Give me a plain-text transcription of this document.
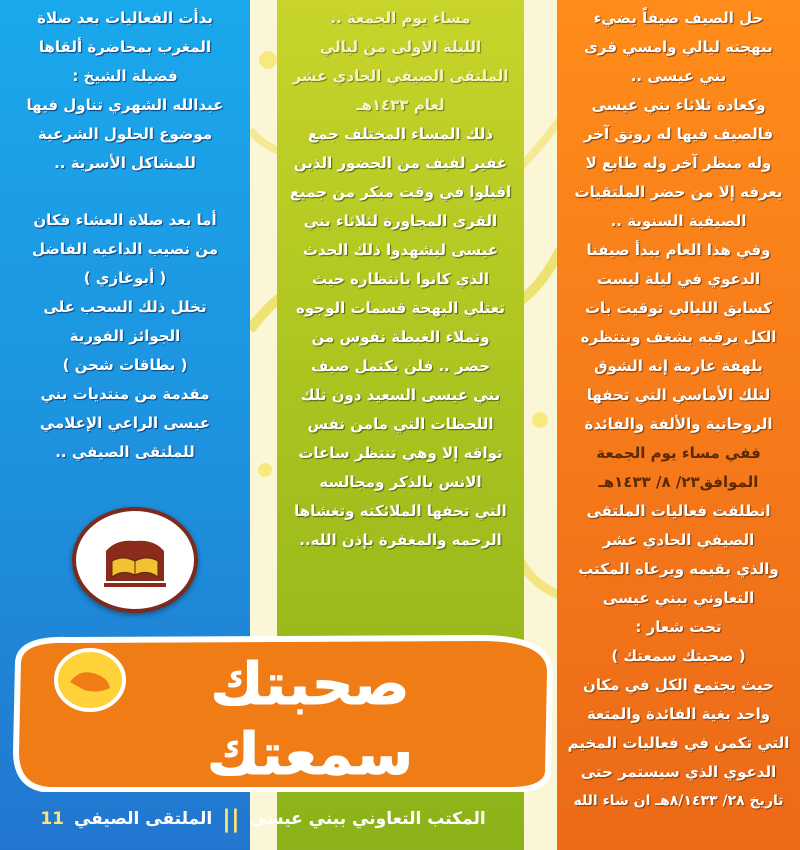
بدأت الفعاليات بعد صلاة

المغرب بمحاضرة ألقاها

فضيلة الشيخ :

عبدالله الشهري تناول فيها

موضوع الحلول الشرعية

للمشاكل الأسرية ..

أما بعد صلاة العشاء فكان

من نصيب الداعيه الفاضل

( أبوغازي )

تخلل ذلك السحب على

الجوائز الفورية

( بطاقات شحن )

مقدمة من منتديات بني

عيسى الراعي الإعلامي

للملتقى الصيفي ..

مساء يوم الجمعة ..

الليلة الاولى من ليالي

الملتقى الصيفي الحادي عشر

لعام ١٤٣٣هـ

ذلك المساء المختلف جمع

غفير لفيف من الحضور الذين

اقبلوا في وقت مبكر من جميع

القرى المجاورة لثلاثاء بني

عيسى ليشهدوا ذلك الحدث

الذي كانوا بانتظاره حيث

تعتلي البهجة قسمات الوجوه

وتملاء الغبطة نفوس من

حضر .. فلن يكتمل صيف

بني عيسى السعيد دون تلك

اللحظات التي مامن نفس

تواقه إلا وهي تنتظر ساعات

الانس بالذكر ومجالسه

التي تحفها الملائكته وتغشاها

الرحمه والمغفرة بإذن الله..

حل الصيف ضيفاً يضيء

ببهجته ليالي وامسي قرى

بني عيسى ..

وكعادة ثلاثاء بني عيسى

فالصيف فيها له رونق آخر

وله منظر آخر وله طابع لا

يعرفه إلا من حضر الملتقيات

الصيفية السنوية ..

وفي هذا العام يبدأ صيفنا

الدعوي في ليلة ليست

كسابق الليالي توقيت بات

الكل يرقبه بشغف وينتظره

بلهفة عارمة إنه الشوق

لتلك الأماسي التي تحفها

الروحانية والألفة والفائدة

ففي مساء يوم الجمعة

الموافق٢٣/ ٨/ ١٤٣٣هـ

انطلقت فعاليات الملتقى

الصيفي الحادي عشر

والذي يقيمه ويرعاه المكتب

التعاوني ببني عيسى

تحت شعار :

( صحبتك سمعتك )

حيث يجتمع الكل في مكان

واحد بغية الفائدة والمتعة

التي تكمن في فعاليات المخيم

الدعوي الذي سيستمر حتى

تاريخ ٢٨/ ٨/١٤٣٣هـ ان شاء الله

صحبتك
سمعتك
المكتب التعاوني ببني عيسى
||
الملتقى الصيفي
11
